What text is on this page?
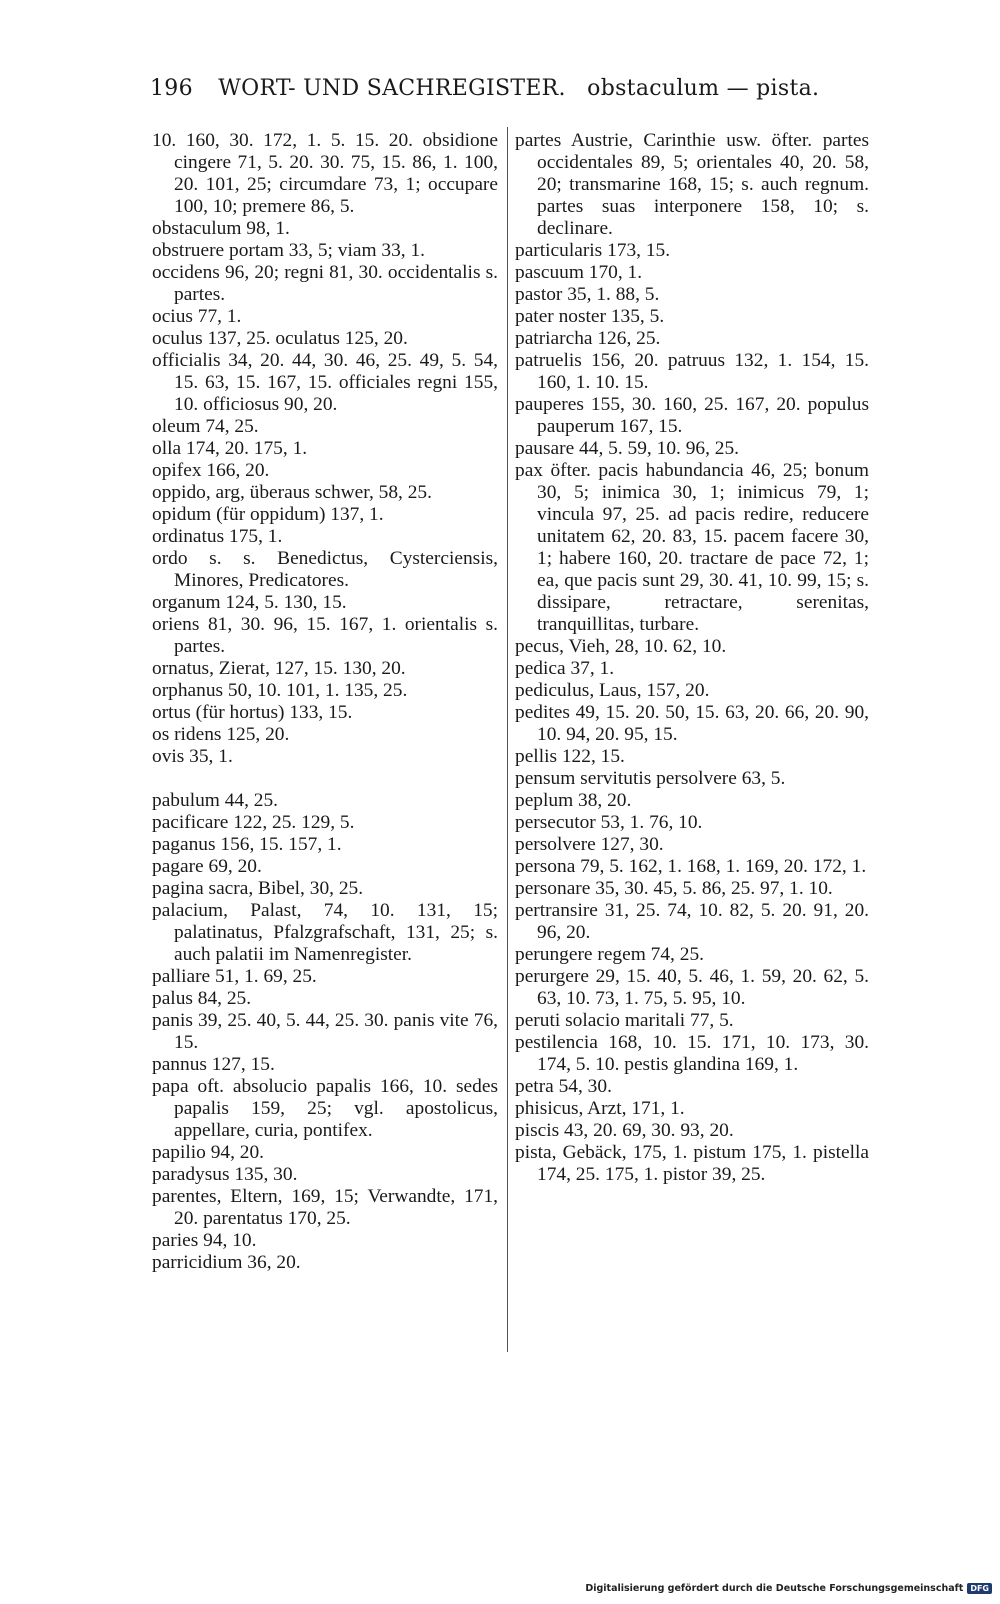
196 WORT- UND SACHREGISTER. obstaculum — pista.

10. 160, 30. 172, 1. 5. 15. 20. obsidione cingere 71, 5. 20. 30. 75, 15. 86, 1. 100, 20. 101, 25; circumdare 73, 1; occupare 100, 10; premere 86, 5.

obstaculum 98, 1.

obstruere portam 33, 5; viam 33, 1.

occidens 96, 20; regni 81, 30. occidentalis s. partes.

ocius 77, 1.

oculus 137, 25. oculatus 125, 20.

officialis 34, 20. 44, 30. 46, 25. 49, 5. 54, 15. 63, 15. 167, 15. officiales regni 155, 10. officiosus 90, 20.

oleum 74, 25.

olla 174, 20. 175, 1.

opifex 166, 20.

oppido, arg, überaus schwer, 58, 25.

opidum (für oppidum) 137, 1.

ordinatus 175, 1.

ordo s. s. Benedictus, Cysterciensis, Minores, Predicatores.

organum 124, 5. 130, 15.

oriens 81, 30. 96, 15. 167, 1. orientalis s. partes.

ornatus, Zierat, 127, 15. 130, 20.

orphanus 50, 10. 101, 1. 135, 25.

ortus (für hortus) 133, 15.

os ridens 125, 20.

ovis 35, 1.

pabulum 44, 25.

pacificare 122, 25. 129, 5.

paganus 156, 15. 157, 1.

pagare 69, 20.

pagina sacra, Bibel, 30, 25.

palacium, Palast, 74, 10. 131, 15; palatinatus, Pfalzgrafschaft, 131, 25; s. auch palatii im Namenregister.

palliare 51, 1. 69, 25.

palus 84, 25.

panis 39, 25. 40, 5. 44, 25. 30. panis vite 76, 15.

pannus 127, 15.

papa oft. absolucio papalis 166, 10. sedes papalis 159, 25; vgl. apostolicus, appellare, curia, pontifex.

papilio 94, 20.

paradysus 135, 30.

parentes, Eltern, 169, 15; Verwandte, 171, 20. parentatus 170, 25.

paries 94, 10.

parricidium 36, 20.

partes Austrie, Carinthie usw. öfter. partes occidentales 89, 5; orientales 40, 20. 58, 20; transmarine 168, 15; s. auch regnum. partes suas interponere 158, 10; s. declinare.

particularis 173, 15.

pascuum 170, 1.

pastor 35, 1. 88, 5.

pater noster 135, 5.

patriarcha 126, 25.

patruelis 156, 20. patruus 132, 1. 154, 15. 160, 1. 10. 15.

pauperes 155, 30. 160, 25. 167, 20. populus pauperum 167, 15.

pausare 44, 5. 59, 10. 96, 25.

pax öfter. pacis habundancia 46, 25; bonum 30, 5; inimica 30, 1; inimicus 79, 1; vincula 97, 25. ad pacis redire, reducere unitatem 62, 20. 83, 15. pacem facere 30, 1; habere 160, 20. tractare de pace 72, 1; ea, que pacis sunt 29, 30. 41, 10. 99, 15; s. dissipare, retractare, serenitas, tranquillitas, turbare.

pecus, Vieh, 28, 10. 62, 10.

pedica 37, 1.

pediculus, Laus, 157, 20.

pedites 49, 15. 20. 50, 15. 63, 20. 66, 20. 90, 10. 94, 20. 95, 15.

pellis 122, 15.

pensum servitutis persolvere 63, 5.

peplum 38, 20.

persecutor 53, 1. 76, 10.

persolvere 127, 30.

persona 79, 5. 162, 1. 168, 1. 169, 20. 172, 1.

personare 35, 30. 45, 5. 86, 25. 97, 1. 10.

pertransire 31, 25. 74, 10. 82, 5. 20. 91, 20. 96, 20.

perungere regem 74, 25.

perurgere 29, 15. 40, 5. 46, 1. 59, 20. 62, 5. 63, 10. 73, 1. 75, 5. 95, 10.

peruti solacio maritali 77, 5.

pestilencia 168, 10. 15. 171, 10. 173, 30. 174, 5. 10. pestis glandina 169, 1.

petra 54, 30.

phisicus, Arzt, 171, 1.

piscis 43, 20. 69, 30. 93, 20.

pista, Gebäck, 175, 1. pistum 175, 1. pistella 174, 25. 175, 1. pistor 39, 25.

Digitalisierung gefördert durch die Deutsche Forschungsgemeinschaft DFG
